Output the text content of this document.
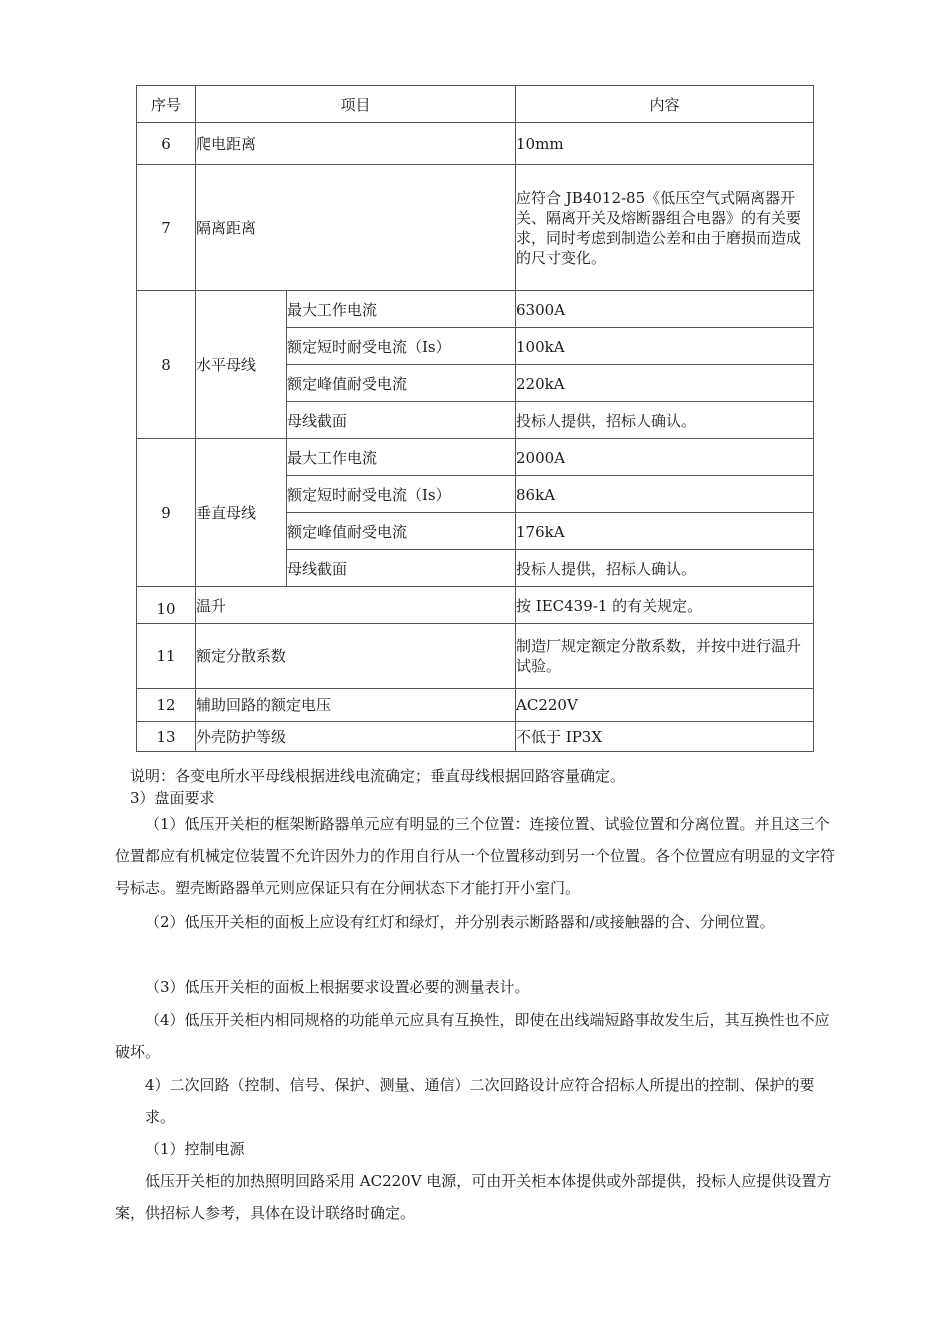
序号	项目		内容
6	爬电距离		10mm
7	隔离距离		应符合 JB4012-85《低压空气式隔离器开关、隔离开关及熔断器组合电器》的有关要求，同时考虑到制造公差和由于磨损而造成的尺寸变化。
8	水平母线	最大工作电流	6300A
		额定短时耐受电流（Is）	100kA
		额定峰值耐受电流	220kA
		母线截面	投标人提供，招标人确认。
9	垂直母线	最大工作电流	2000A
		额定短时耐受电流（Is）	86kA
		额定峰值耐受电流	176kA
		母线截面	投标人提供，招标人确认。
10	温升		按 IEC439-1 的有关规定。
11	额定分散系数		制造厂规定额定分散系数，并按中进行温升试验。
12	辅助回路的额定电压		AC220V
13	外壳防护等级		不低于 IP3X
说明：各变电所水平母线根据进线电流确定；垂直母线根据回路容量确定。
3）盘面要求
（1）低压开关柜的框架断路器单元应有明显的三个位置：连接位置、试验位置和分离位置。并且这三个位置都应有机械定位装置不允许因外力的作用自行从一个位置移动到另一个位置。各个位置应有明显的文字符号标志。塑壳断路器单元则应保证只有在分闸状态下才能打开小室门。
（2）低压开关柜的面板上应设有红灯和绿灯，并分别表示断路器和/或接触器的合、分闸位置。
（3）低压开关柜的面板上根据要求设置必要的测量表计。
（4）低压开关柜内相同规格的功能单元应具有互换性，即使在出线端短路事故发生后，其互换性也不应破坏。
4）二次回路（控制、信号、保护、测量、通信）二次回路设计应符合招标人所提出的控制、保护的要求。
（1）控制电源
低压开关柜的加热照明回路采用 AC220V 电源，可由开关柜本体提供或外部提供，投标人应提供设置方案，供招标人参考，具体在设计联络时确定。
